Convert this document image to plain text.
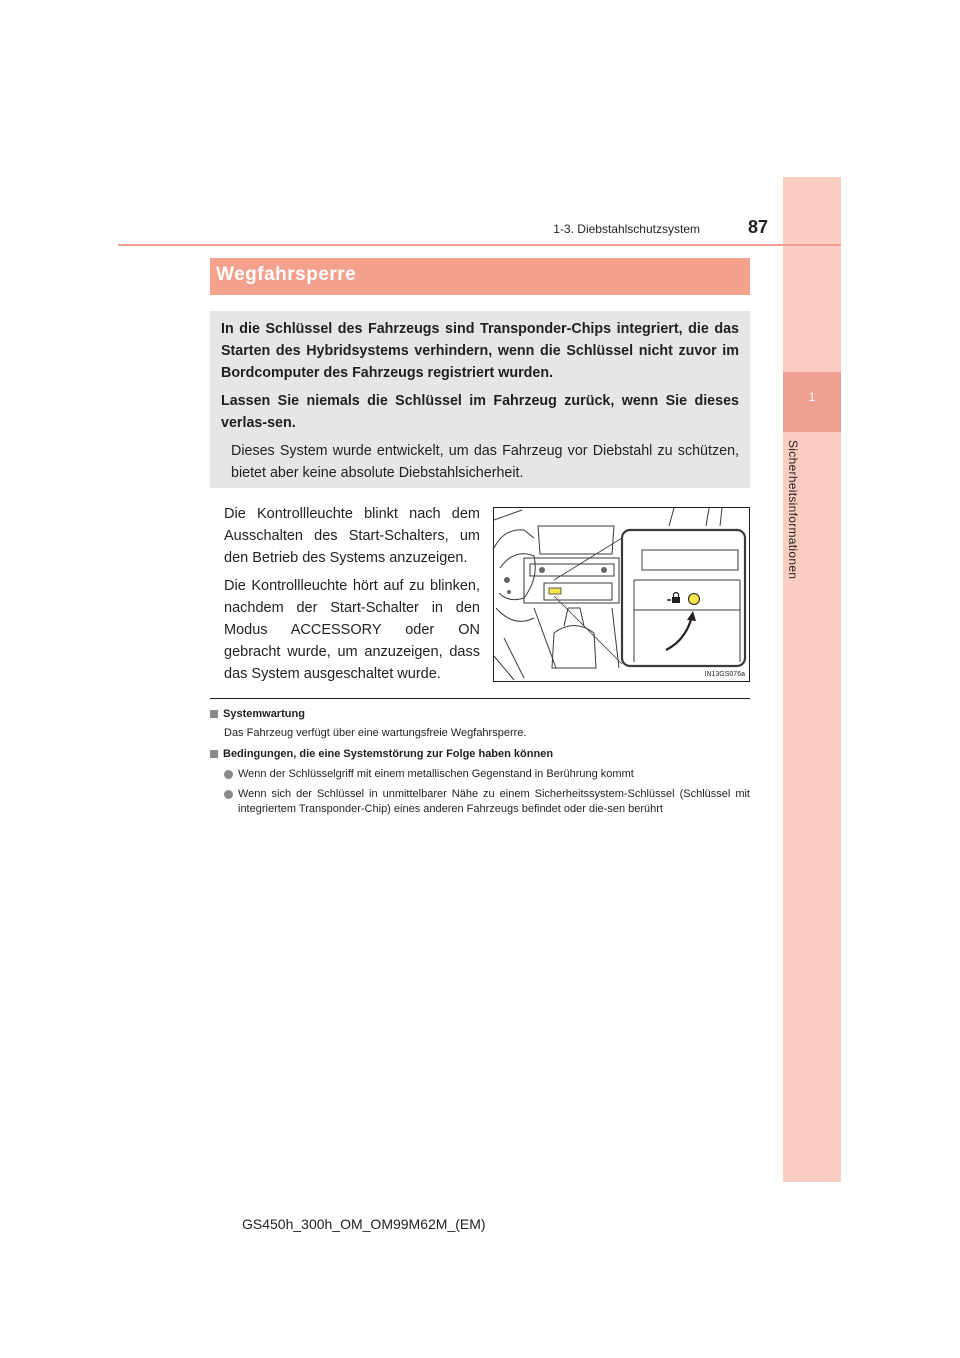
1
Sicherheitsinformationen
1-3. Diebstahlschutzsystem	87
Wegfahrsperre

In die Schlüssel des Fahrzeugs sind Transponder-Chips integriert, die das Starten des Hybridsystems verhindern, wenn die Schlüssel nicht zuvor im Bordcomputer des Fahrzeugs registriert wurden.

Lassen Sie niemals die Schlüssel im Fahrzeug zurück, wenn Sie dieses verlas-sen.

Dieses System wurde entwickelt, um das Fahrzeug vor Diebstahl zu schützen, bietet aber keine absolute Diebstahlsicherheit.

Die Kontrollleuchte blinkt nach dem Ausschalten des Start-Schalters, um den Betrieb des Systems anzuzeigen.

Die Kontrollleuchte hört auf zu blinken, nachdem der Start-Schalter in den Modus ACCESSORY oder ON gebracht wurde, um anzuzeigen, dass das System ausgeschaltet wurde.	IN13GS076a
Systemwartung
Das Fahrzeug verfügt über eine wartungsfreie Wegfahrsperre.
Bedingungen, die eine Systemstörung zur Folge haben können
Wenn der Schlüsselgriff mit einem metallischen Gegenstand in Berührung kommt
Wenn sich der Schlüssel in unmittelbarer Nähe zu einem Sicherheitssystem-Schlüssel (Schlüssel mit integriertem Transponder-Chip) eines anderen Fahrzeugs befindet oder die-sen berührt
GS450h_300h_OM_OM99M62M_(EM)
